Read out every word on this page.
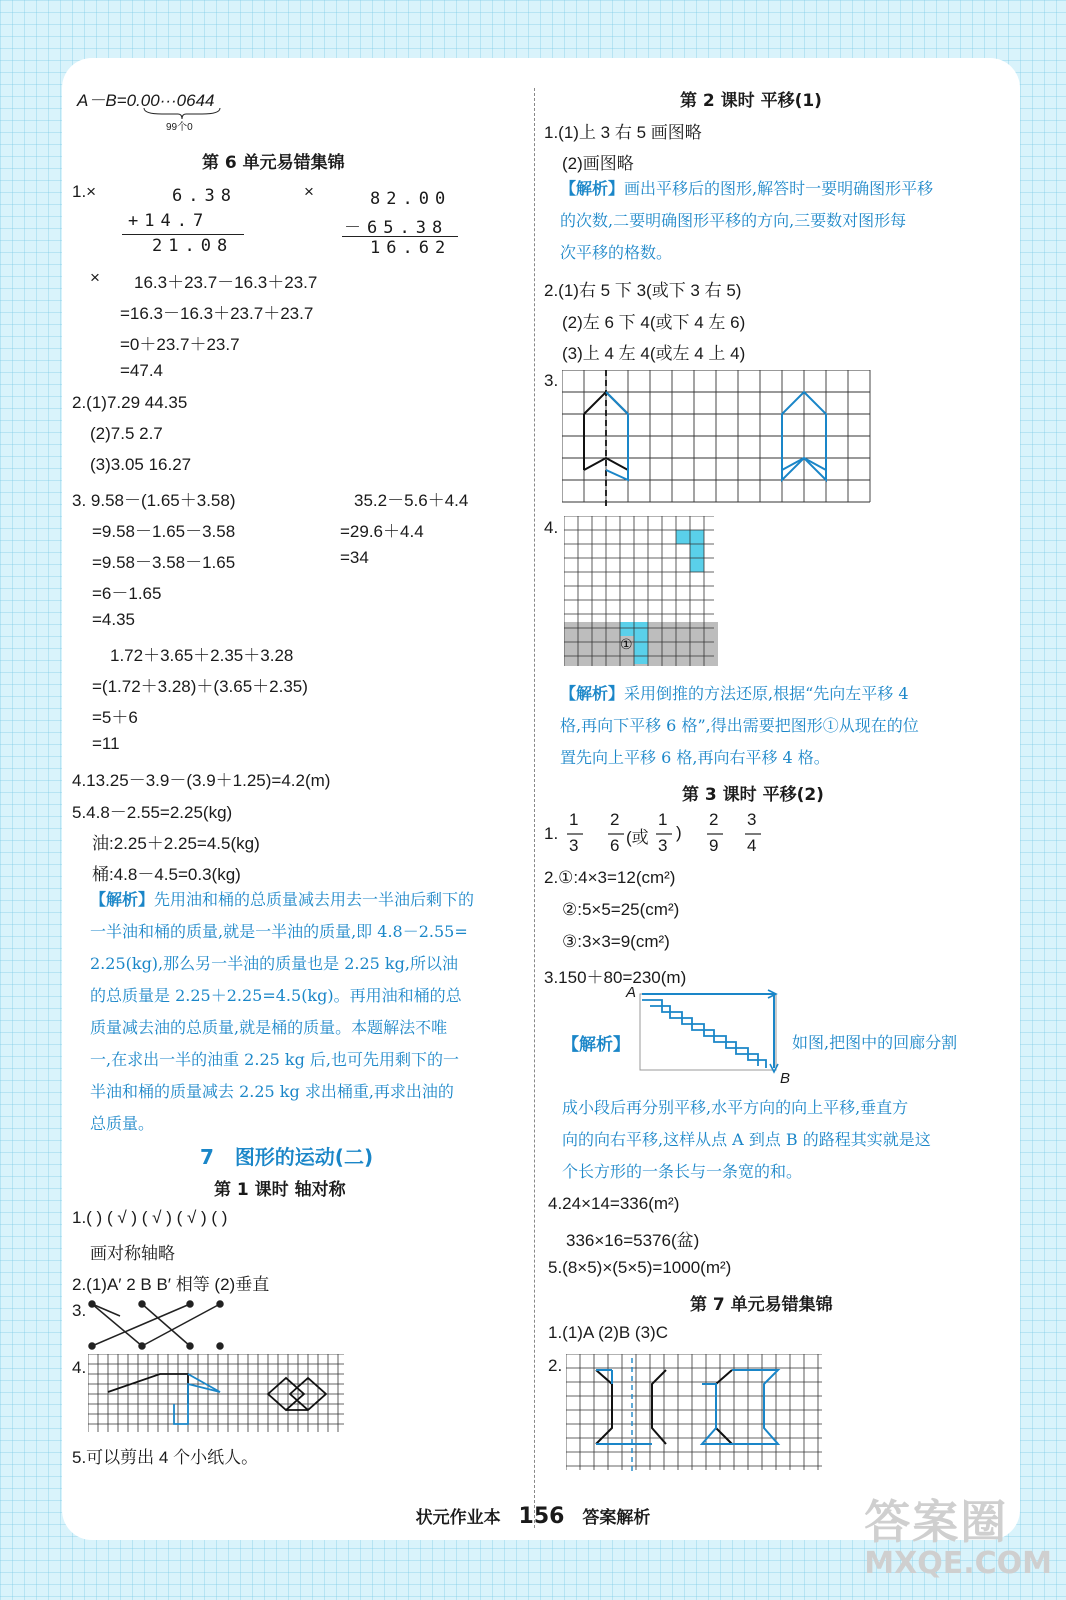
A－B=0.00···0644
99个0
第 6 单元易错集锦
1.×	6.38
+14.7
21.08
×	82.00
－65.38
16.62
× 16.3＋23.7－16.3＋23.7
=16.3－16.3＋23.7＋23.7
=0＋23.7＋23.7
=47.4
2.(1)7.29 44.35
(2)7.5 2.7
(3)3.05 16.27
3. 9.58－(1.65＋3.58)
=9.58－1.65－3.58
=9.58－3.58－1.65
=6－1.65
=4.35
35.2－5.6＋4.4
=29.6＋4.4
=34
1.72＋3.65＋2.35＋3.28
=(1.72＋3.28)＋(3.65＋2.35)
=5＋6
=11
4.13.25－3.9－(3.9＋1.25)=4.2(m)
5.4.8－2.55=2.25(kg)
油:2.25＋2.25=4.5(kg)
桶:4.8－4.5=0.3(kg)
【解析】先用油和桶的总质量减去用去一半油后剩下的
一半油和桶的质量,就是一半油的质量,即 4.8－2.55=
2.25(kg),那么另一半油的质量也是 2.25 kg,所以油
的总质量是 2.25＋2.25=4.5(kg)。再用油和桶的总
质量减去油的总质量,就是桶的质量。本题解法不唯
一,在求出一半的油重 2.25 kg 后,也可先用剩下的一
半油和桶的质量减去 2.25 kg 求出桶重,再求出油的
总质量。
7 图形的运动(二)
第 1 课时 轴对称
1.( ) ( √ ) ( √ ) ( √ ) ( )
画对称轴略
2.(1)A′ 2 B B′ 相等 (2)垂直
3.
4.
5.可以剪出 4 个小纸人。
第 2 课时 平移(1)
1.(1)上 3 右 5 画图略
(2)画图略
【解析】画出平移后的图形,解答时一要明确图形平移
的次数,二要明确图形平移的方向,三要数对图形每
次平移的格数。
2.(1)右 5 下 3(或下 3 右 5)
(2)左 6 下 4(或下 4 左 6)
(3)上 4 左 4(或左 4 上 4)
3.
4.
①
【解析】采用倒推的方法还原,根据“先向左平移 4
格,再向下平移 6 格”,得出需要把图形①从现在的位
置先向上平移 6 格,再向右平移 4 格。
第 3 课时 平移(2)
1.
1
3
2
6 (或
1
3
)
2
9
3
4
2.①:4×3=12(cm²)
②:5×5=25(cm²)
③:3×3=9(cm²)
3.150＋80=230(m)
A
B
【解析】	如图,把图中的回廊分割
成小段后再分别平移,水平方向的向上平移,垂直方
向的向右平移,这样从点 A 到点 B 的路程其实就是这
个长方形的一条长与一条宽的和。
4.24×14=336(m²)
336×16=5376(盆)
5.(8×5)×(5×5)=1000(m²)
第 7 单元易错集锦
1.(1)A (2)B (3)C
2.
状元作业本 156 答案解析	答案圈
MXQE.COM
